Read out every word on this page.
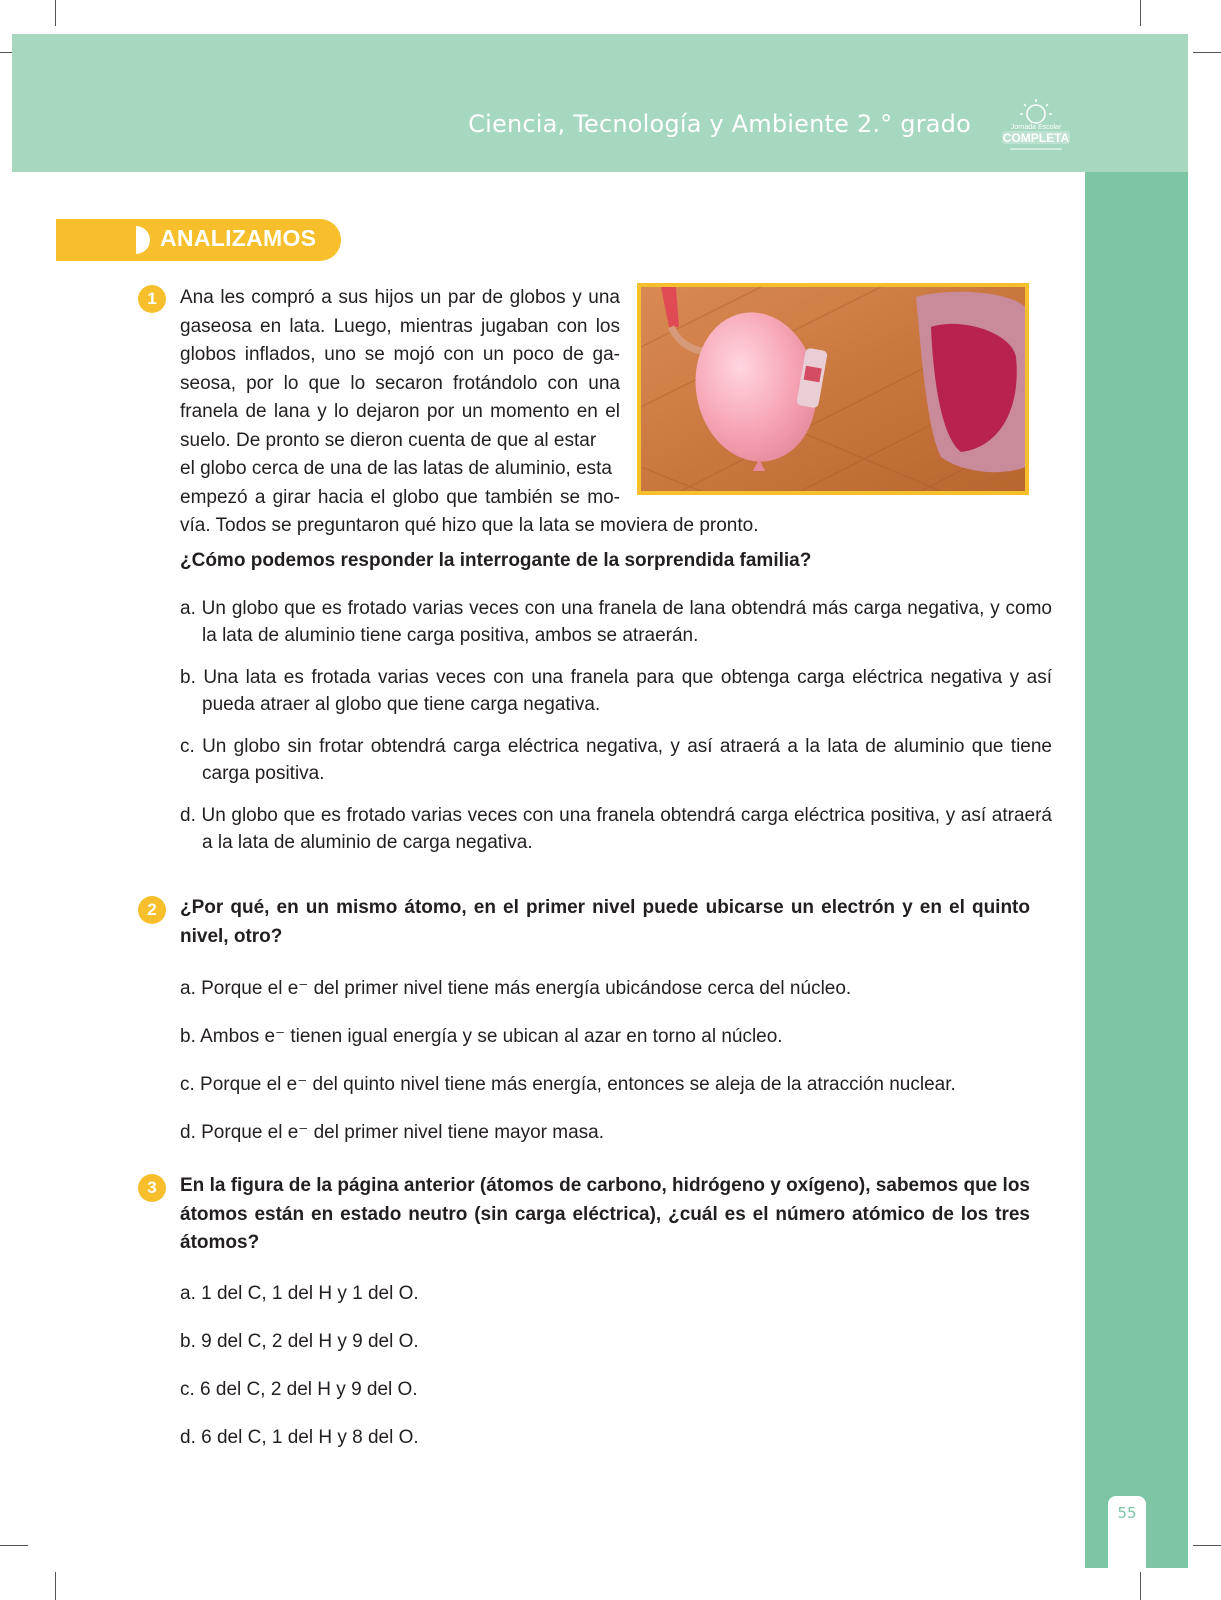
Ciencia, Tecnología y Ambiente 2.° grado	Jornada Escolar
COMPLETA
55
ANALIZAMOS
1	Ana les compró a sus hijos un par de globos y una
gaseosa en lata. Luego, mientras jugaban con los
globos inflados, uno se mojó con un poco de ga-
seosa, por lo que lo secaron frotándolo con una
franela de lana y lo dejaron por un momento en el
suelo. De pronto se dieron cuenta de que al estar
el globo cerca de una de las latas de aluminio, esta
empezó a girar hacia el globo que también se mo-
vía. Todos se preguntaron qué hizo que la lata se moviera de pronto.
¿Cómo podemos responder la interrogante de la sorprendida familia?
a. Un globo que es frotado varias veces con una franela de lana obtendrá más carga negativa, y como la lata de aluminio tiene carga positiva, ambos se atraerán.
b. Una lata es frotada varias veces con una franela para que obtenga carga eléctrica negativa y así pueda atraer al globo que tiene carga negativa.
c. Un globo sin frotar obtendrá carga eléctrica negativa, y así atraerá a la lata de aluminio que tiene carga positiva.
d. Un globo que es frotado varias veces con una franela obtendrá carga eléctrica positiva, y así atraerá a la lata de aluminio de carga negativa.
2	¿Por qué, en un mismo átomo, en el primer nivel puede ubicarse un electrón y en el quinto nivel, otro?
a. Porque el e⁻ del primer nivel tiene más energía ubicándose cerca del núcleo.
b. Ambos e⁻ tienen igual energía y se ubican al azar en torno al núcleo.
c. Porque el e⁻ del quinto nivel tiene más energía, entonces se aleja de la atracción nuclear.
d. Porque el e⁻ del primer nivel tiene mayor masa.
3	En la figura de la página anterior (átomos de carbono, hidrógeno y oxígeno), sabemos que los átomos están en estado neutro (sin carga eléctrica), ¿cuál es el número atómico de los tres átomos?
a. 1 del C, 1 del H y 1 del O.
b. 9 del C, 2 del H y 9 del O.
c. 6 del C, 2 del H y 9 del O.
d. 6 del C, 1 del H y 8 del O.
